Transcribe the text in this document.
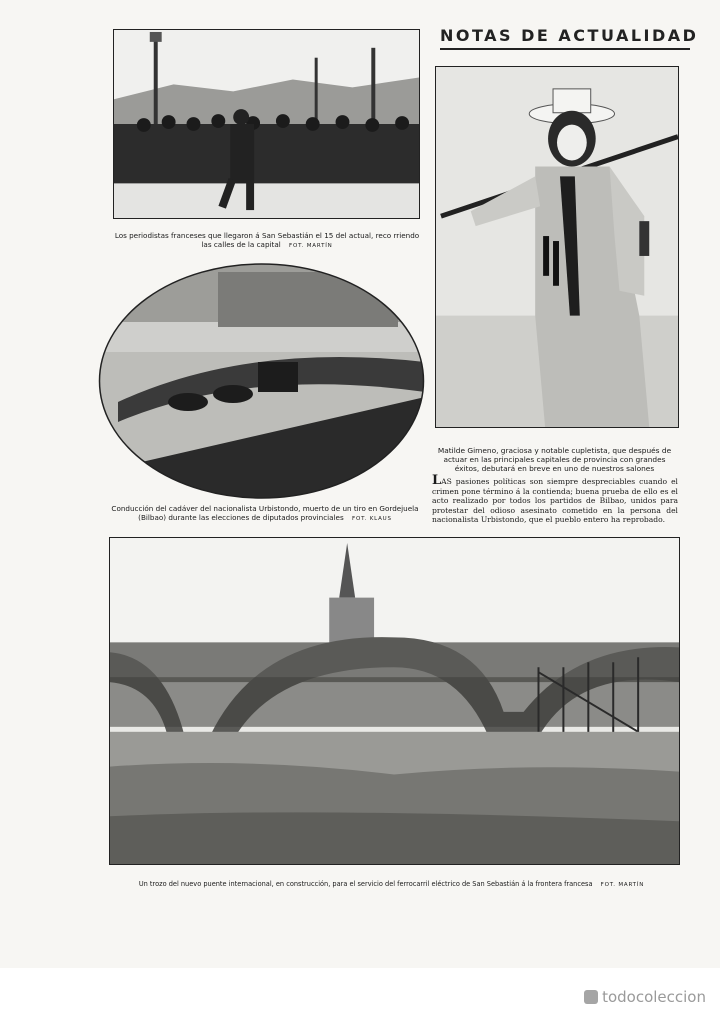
NOTAS DE ACTUALIDAD
Los periodistas franceses que llegaron á San Sebastián el 15 del actual, reco rriendo las calles de la capital FOT. MARTÍN
Conducción del cadáver del nacionalista Urbistondo, muerto de un tiro en Gordejuela (Bilbao) durante las elecciones de diputados provinciales FOT. KLAUS
Matilde Gimeno, graciosa y notable cupletista, que después de actuar en las principales capitales de provincia con grandes éxitos, debutará en breve en uno de nuestros salones
LAS pasiones políticas son siempre despreciables cuando el crimen pone término á la contienda; buena prueba de ello es el acto realizado por todos los partidos de Bilbao, unidos para protestar del odioso asesinato cometido en la persona del nacionalista Urbistondo, que el pueblo entero ha reprobado.
Un trozo del nuevo puente internacional, en construcción, para el servicio del ferrocarril eléctrico de San Sebastián á la frontera francesa FOT. MARTÍN
todocoleccion
